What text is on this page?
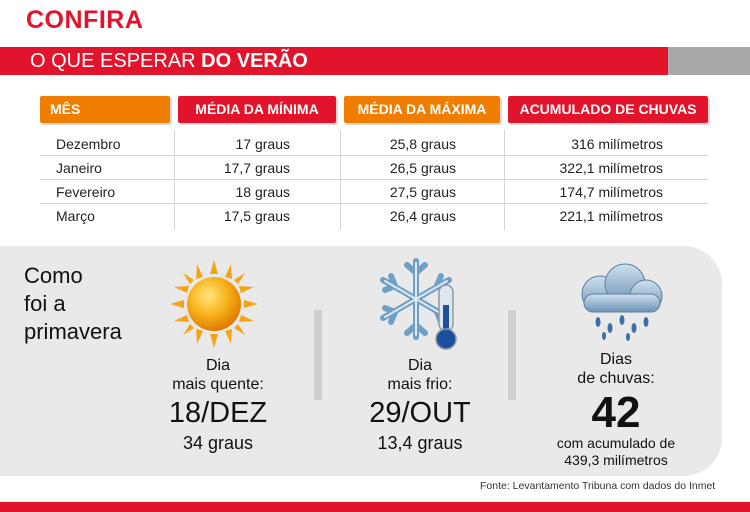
CONFIRA
O QUE ESPERAR DO VERÃO
MÊS	MÉDIA DA MÍNIMA	MÉDIA DA MÁXIMA	ACUMULADO DE CHUVAS
Dezembro	17 graus	25,8 graus	316 milímetros
Janeiro	17,7 graus	26,5 graus	322,1 milímetros
Fevereiro	18 graus	27,5 graus	174,7 milímetros
Março	17,5 graus	26,4 graus	221,1 milímetros
Como
foi a
primavera
Dia
mais quente:
18/DEZ
34 graus
Dia
mais frio:
29/OUT
13,4 graus
Dias
de chuvas:
42
com acumulado de
439,3 milímetros
Fonte: Levantamento Tribuna com dados do Inmet
